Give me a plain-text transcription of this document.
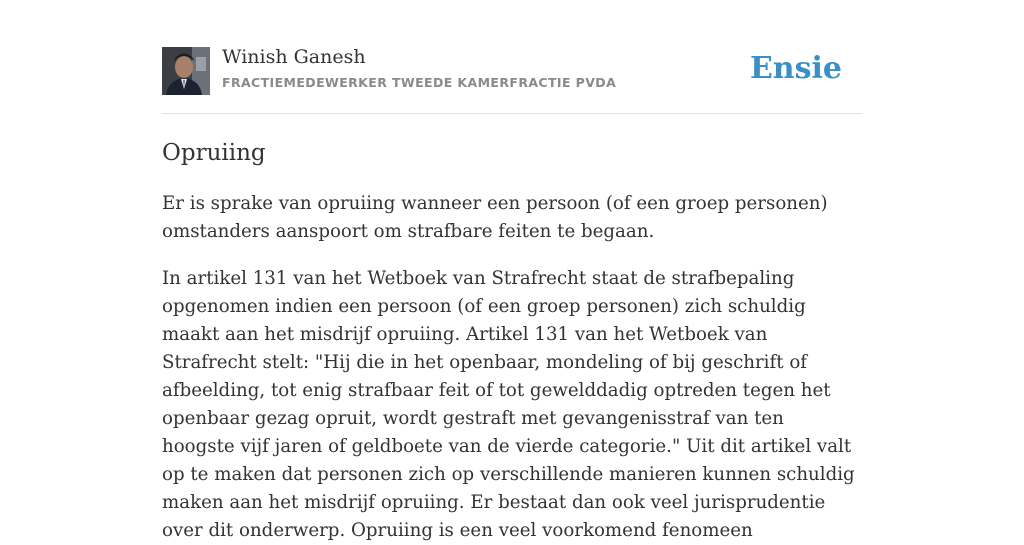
Winish Ganesh
FRACTIEMEDEWERKER TWEEDE KAMERFRACTIE PVDA	Ensie
Opruiing

Er is sprake van opruiing wanneer een persoon (of een groep personen) omstanders aanspoort om strafbare feiten te begaan.

In artikel 131 van het Wetboek van Strafrecht staat de strafbepaling opgenomen indien een persoon (of een groep personen) zich schuldig maakt aan het misdrijf opruiing. Artikel 131 van het Wetboek van Strafrecht stelt: "Hij die in het openbaar, mondeling of bij geschrift of afbeelding, tot enig strafbaar feit of tot gewelddadig optreden tegen het openbaar gezag opruit, wordt gestraft met gevangenisstraf van ten hoogste vijf jaren of geldboete van de vierde categorie." Uit dit artikel valt op te maken dat personen zich op verschillende manieren kunnen schuldig maken aan het misdrijf opruiing. Er bestaat dan ook veel jurisprudentie over dit onderwerp. Opruiing is een veel voorkomend fenomeen
